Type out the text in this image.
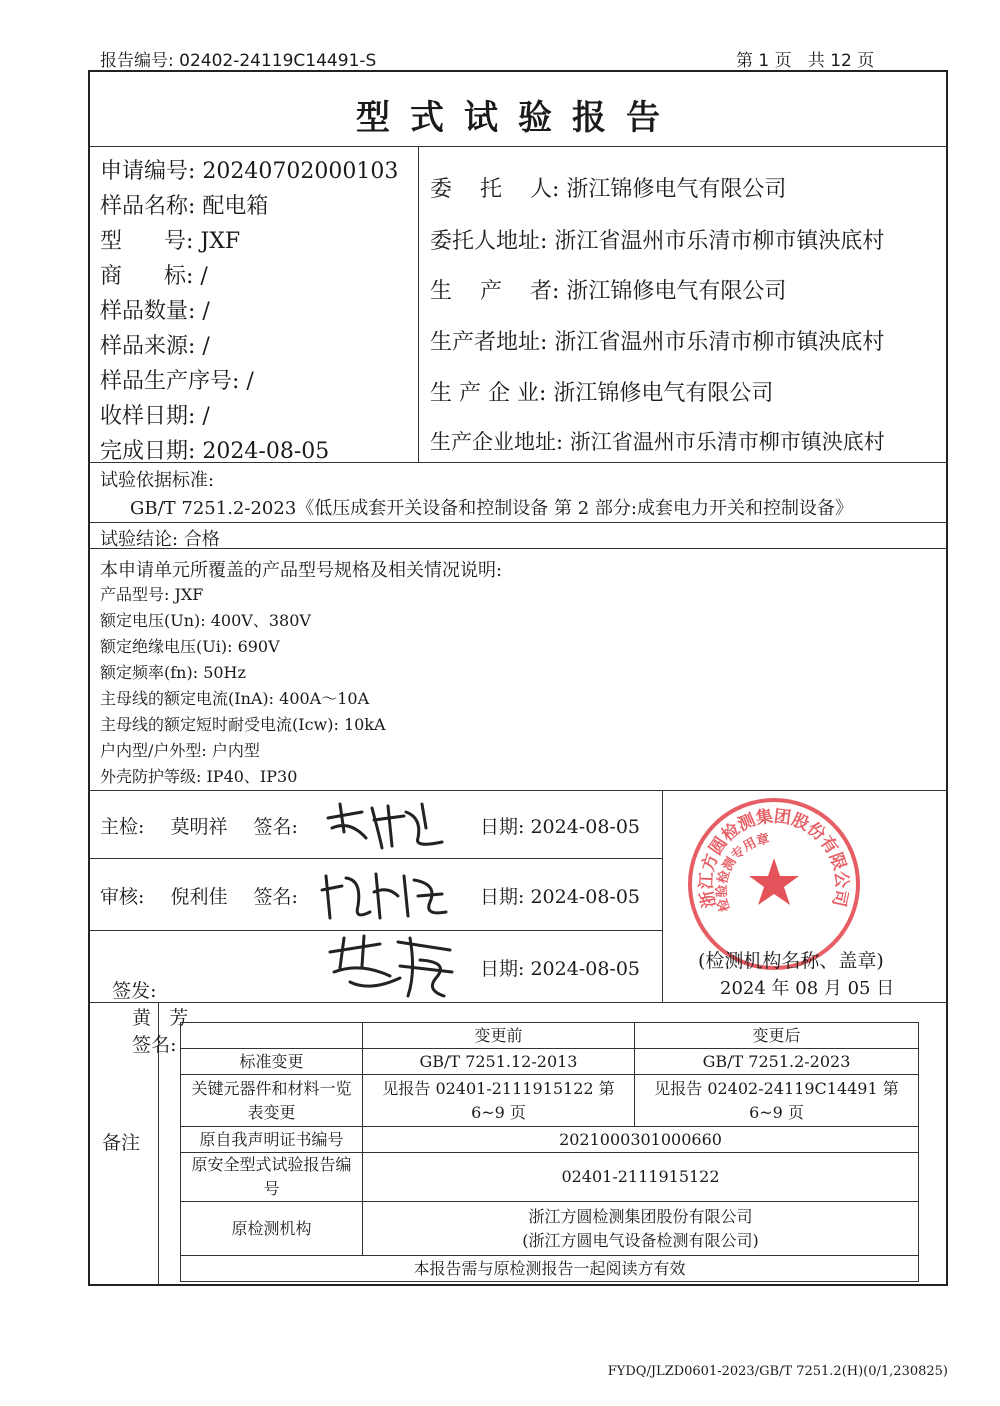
报告编号: 02402-24119C14491-S	第 1 页   共 12 页
型式试验报告
申请编号: 20240702000103
样品名称: 配电箱
型      号: JXF
商      标: /
样品数量: /
样品来源: /
样品生产序号: /
收样日期: /
完成日期: 2024-08-05
委    托    人: 浙江锦修电气有限公司
委托人地址: 浙江省温州市乐清市柳市镇泱底村
生    产    者: 浙江锦修电气有限公司
生产者地址: 浙江省温州市乐清市柳市镇泱底村
生 产 企 业: 浙江锦修电气有限公司
生产企业地址: 浙江省温州市乐清市柳市镇泱底村
试验依据标准:
GB/T 7251.2-2023《低压成套开关设备和控制设备 第 2 部分:成套电力开关和控制设备》
试验结论: 合格
本申请单元所覆盖的产品型号规格及相关情况说明:
产品型号: JXF
额定电压(Un): 400V、380V
额定绝缘电压(Ui): 690V
额定频率(fn): 50Hz
主母线的额定电流(InA): 400A～10A
主母线的额定短时耐受电流(Icw): 10kA
户内型/户外型: 户内型
外壳防护等级: IP40、IP30
主检: 莫明祥 签名:	日期: 2024-08-05
审核: 倪利佳 签名:	日期: 2024-08-05

签发:
黄   芳
签名:

日期: 2024-08-05
浙江方圆检测集团股份有限公司
检验检测专用章
(检测机构名称、盖章)
2024 年 08 月 05 日
备注
	变更前	变更后
标准变更	GB/T 7251.12-2013	GB/T 7251.2-2023
关键元器件和材料一览表变更	见报告 02401-2111915122 第 6~9 页	见报告 02402-24119C14491 第 6~9 页
原自我声明证书编号	2021000301000660	
原安全型式试验报告编号	02401-2111915122	
原检测机构	浙江方圆检测集团股份有限公司
(浙江方圆电气设备检测有限公司)	

本报告需与原检测报告一起阅读方有效		
FYDQ/JLZD0601-2023/GB/T 7251.2(H)(0/1,230825)
